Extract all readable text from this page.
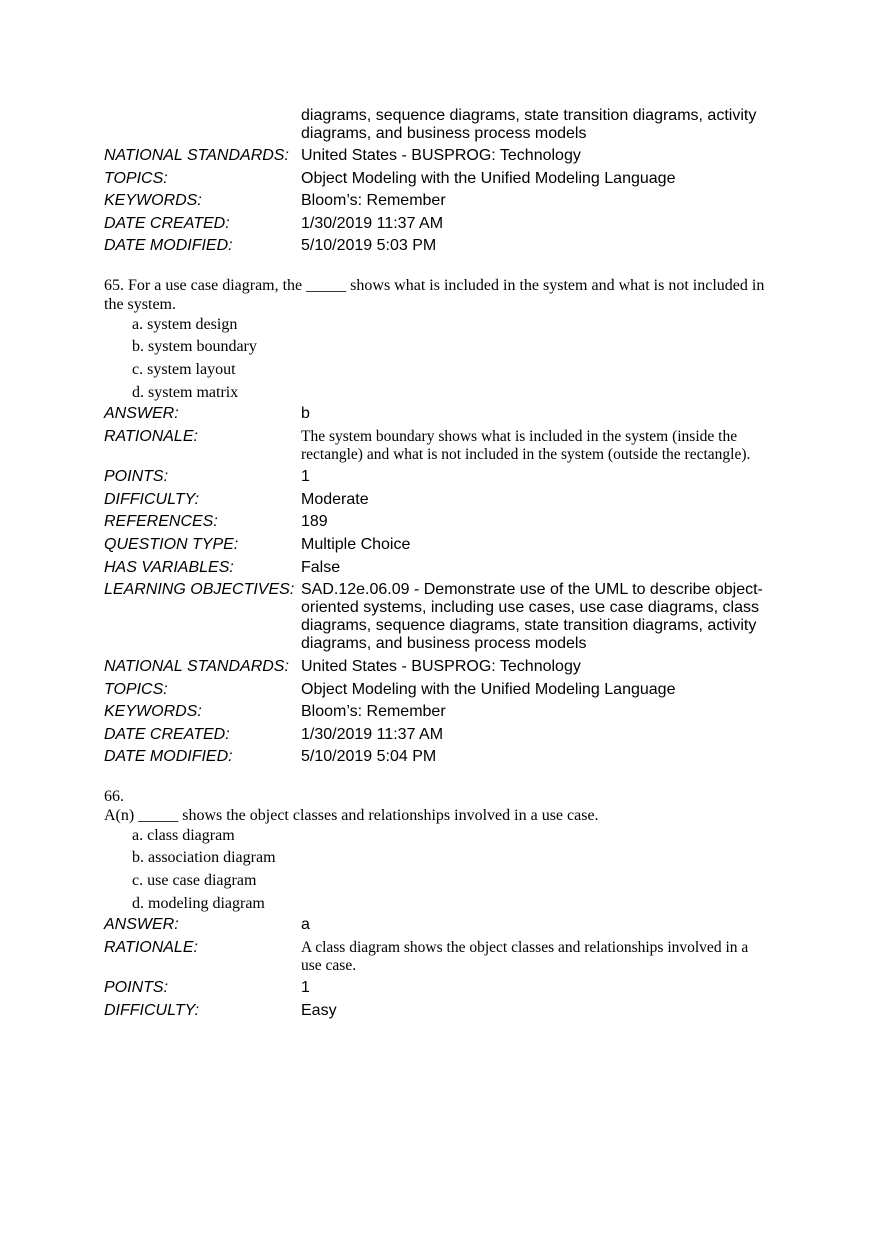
diagrams, sequence diagrams, state transition diagrams, activity
diagrams, and business process models
NATIONAL STANDARDS: United States - BUSPROG: Technology
TOPICS:	Object Modeling with the Unified Modeling Language
KEYWORDS:	Bloom’s: Remember
DATE CREATED:	1/30/2019 11:37 AM
DATE MODIFIED:	5/10/2019 5:03 PM
65. For a use case diagram, the _____ shows what is included in the system and what is not included in
the system.
a. system design
b. system boundary
c. system layout
d. system matrix
ANSWER:	b
RATIONALE:	The system boundary shows what is included in the system (inside the
rectangle) and what is not included in the system (outside the rectangle).
POINTS:	1
DIFFICULTY:	Moderate
REFERENCES:	189
QUESTION TYPE:	Multiple Choice
HAS VARIABLES:	False
LEARNING OBJECTIVES: SAD.12e.06.09 - Demonstrate use of the UML to describe object-
oriented systems, including use cases, use case diagrams, class
diagrams, sequence diagrams, state transition diagrams, activity
diagrams, and business process models
NATIONAL STANDARDS: United States - BUSPROG: Technology
TOPICS:	Object Modeling with the Unified Modeling Language
KEYWORDS:	Bloom’s: Remember
DATE CREATED:	1/30/2019 11:37 AM
DATE MODIFIED:	5/10/2019 5:04 PM
66.
A(n) _____ shows the object classes and relationships involved in a use case.
a. class diagram
b. association diagram
c. use case diagram
d. modeling diagram
ANSWER:	a
RATIONALE:	A class diagram shows the object classes and relationships involved in a
use case.
POINTS:	1
DIFFICULTY:	Easy
